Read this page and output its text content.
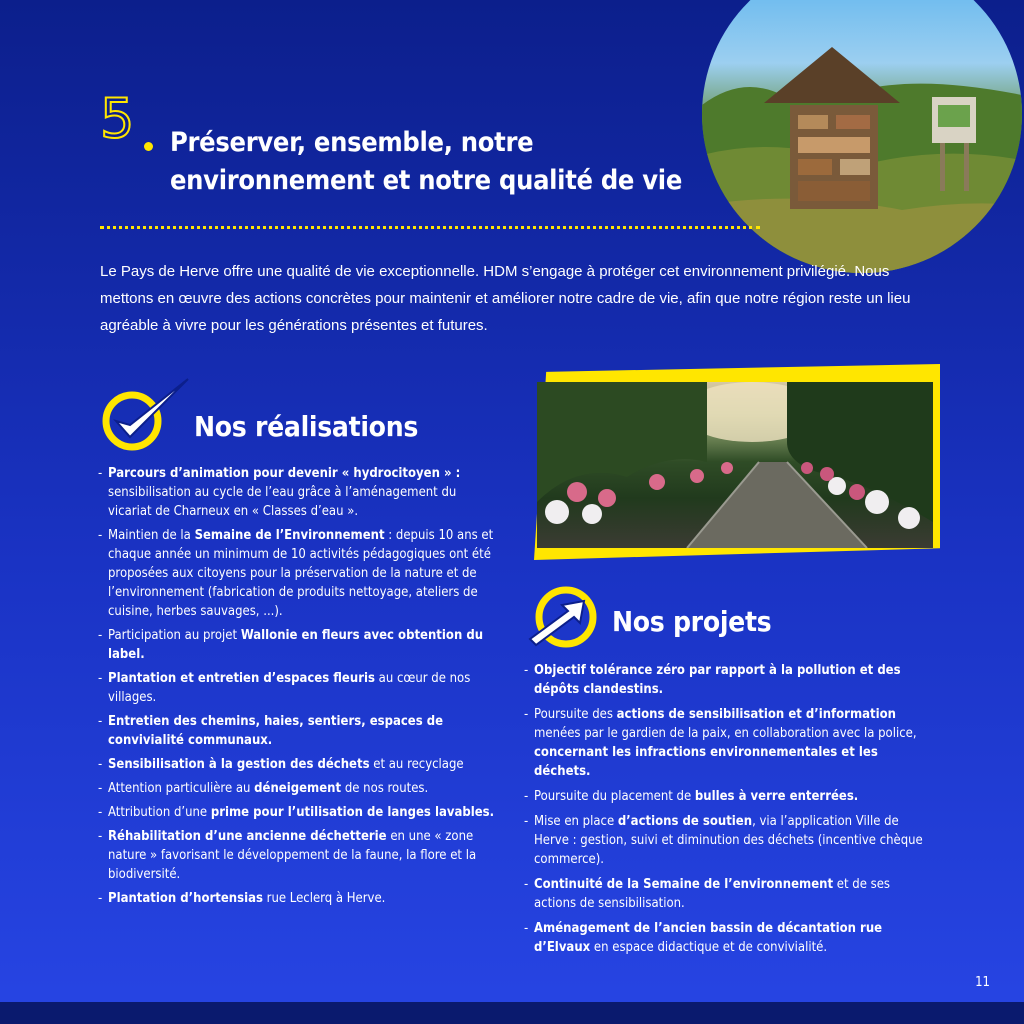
5 Préserver, ensemble, notre
environnement et notre qualité de vie

Le Pays de Herve offre une qualité de vie exceptionnelle. HDM s’engage à protéger cet environnement privilégié. Nous mettons en œuvre des actions concrètes pour maintenir et améliorer notre cadre de vie, afin que notre région reste un lieu agréable à vivre pour les générations présentes et futures.

Nos réalisations
- Parcours d’animation pour devenir « hydrocitoyen » : sensibilisation au cycle de l’eau grâce à l’aménagement du vicariat de Charneux en « Classes d’eau ».
- Maintien de la Semaine de l’Environnement : depuis 10 ans et chaque année un minimum de 10 activités pédagogiques ont été proposées aux citoyens pour la préservation de la nature et de l’environnement (fabrication de produits nettoyage, ateliers de cuisine, herbes sauvages, ...).
- Participation au projet Wallonie en fleurs avec obtention du label.
- Plantation et entretien d’espaces fleuris au cœur de nos villages.
- Entretien des chemins, haies, sentiers, espaces de convivialité communaux.
- Sensibilisation à la gestion des déchets et au recyclage
- Attention particulière au déneigement de nos routes.
- Attribution d’une prime pour l’utilisation de langes lavables.
- Réhabilitation d’une ancienne déchetterie en une « zone nature » favorisant le développement de la faune, la flore et la biodiversité.
- Plantation d’hortensias rue Leclerq à Herve.
Nos projets
- Objectif tolérance zéro par rapport à la pollution et des dépôts clandestins.
- Poursuite des actions de sensibilisation et d’information menées par le gardien de la paix, en collaboration avec la police, concernant les infractions environnementales et les déchets.
- Poursuite du placement de bulles à verre enterrées.
- Mise en place d’actions de soutien, via l’application Ville de Herve : gestion, suivi et diminution des déchets (incentive chèque commerce).
- Continuité de la Semaine de l’environnement et de ses actions de sensibilisation.
- Aménagement de l’ancien bassin de décantation rue d’Elvaux en espace didactique et de convivialité.
11
